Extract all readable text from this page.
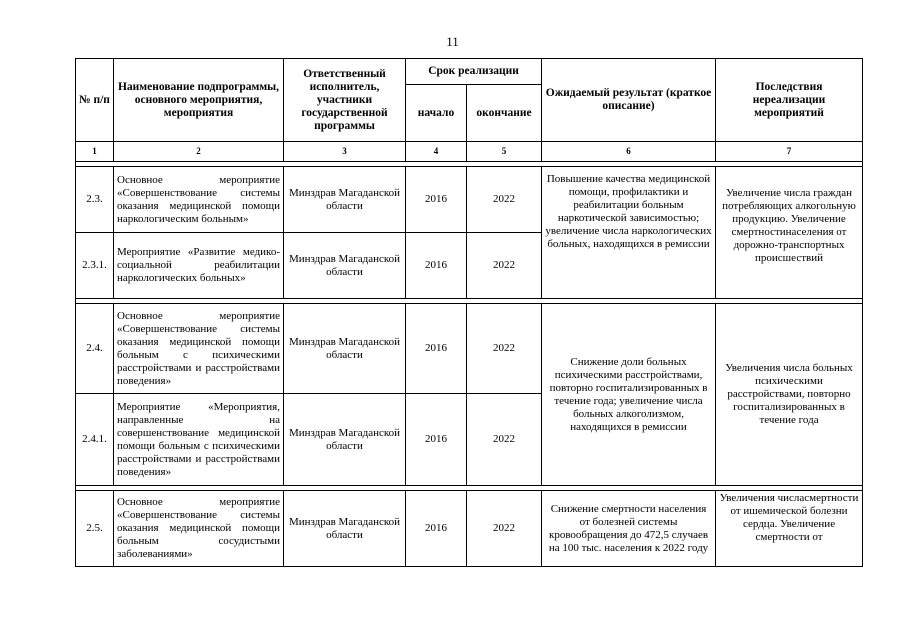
11
№ п/п	Наименование подпрограммы, основного мероприятия, мероприятия	Ответственный исполнитель, участники государственной программы	Срок реализации		Ожидаемый результат (краткое описание)	Последствия нереализации мероприятий
			начало	окончание		
1	2	3	4	5	6	7

2.3.	Основное мероприятие «Совершенствование системы оказания медицинской помощи наркологическим больным»	Минздрав Магаданской области	2016	2022	Повышение качества медицинской помощи, профилактики и реабилитации больным наркотической зависимостью; увеличение числа наркологических больных, находящихся в ремиссии	Увеличение числа граждан потребляющих алкогольную продукцию. Увеличение смертностинаселения от дорожно-транспортных происшествий
2.3.1.	Мероприятие «Развитие медико-социальной реабилитации наркологических больных»	Минздрав Магаданской области	2016	2022		

2.4.	Основное мероприятие «Совершенствование системы оказания медицинской помощи больным с психическими расстройствами и расстройствами поведения»	Минздрав Магаданской области	2016	2022	Снижение доли больных психическими расстройствами, повторно госпитализированных в течение года; увеличение числа больных алкоголизмом, находящихся в ремиссии	Увеличения числа больных психическими расстройствами, повторно госпитализированных в течение года
2.4.1.	Мероприятие «Мероприятия, направленные на совершенствование медицинской помощи больным с психическими расстройствами и расстройствами поведения»	Минздрав Магаданской области	2016	2022		

2.5.	Основное мероприятие «Совершенствование системы оказания медицинской помощи больным сосудистыми заболеваниями»	Минздрав Магаданской области	2016	2022	Снижение смертности населения от болезней системы кровообращения до 472,5 случаев на 100 тыс. населения к 2022 году	Увеличения числасмертности от ишемической болезни сердца. Увеличение смертности от
